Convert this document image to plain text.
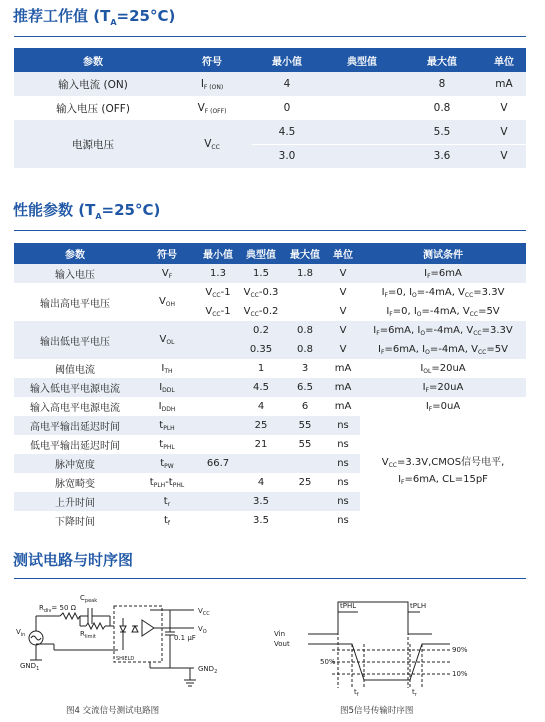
推荐工作值 $(T_A=25^\circ C)$
参数	符号	最小值	典型值	最大值	单位
输入电流 (ON)	$I_{F (ON)}$	4		8	mA
输入电压 (OFF)	$V_{F (OFF)}$	0		0.8	V
电源电压	$V_{CC}$	4.5		5.5	V
		3.0		3.6	V
性能参数 $(T_A=25^\circ C)$
参数	符号	最小值	典型值	最大值	单位	测试条件
输入电压	$V_F$	1.3	1.5	1.8	V	$I_F=6mA$
输出高电平电压	$V_{OH}$	$V_{CC}-1$	$V_{CC}-0.3$		V	$I_F=0$, $I_O=-4mA$, $V_{CC}=3.3V$
		$V_{CC}-1$	$V_{CC}-0.2$		V	$I_F=0$, $I_O=-4mA$, $V_{CC}=5V$
输出低电平电压	$V_{OL}$		0.2	0.8	V	$I_F=6mA$, $I_O=-4mA$, $V_{CC}=3.3V$
			0.35	0.8	V	$I_F=6mA$, $I_O=-4mA$, $V_{CC}=5V$
阈值电流	$I_{TH}$		1	3	mA	$I_{OL}=20uA$
输入低电平电源电流	$I_{DDL}$		4.5	6.5	mA	$I_F=20uA$
输入高电平电源电流	$I_{DDH}$		4	6	mA	$I_F=0uA$
高电平输出延迟时间	$t_{PLH}$		25	55	ns	$V_{CC}=3.3V,CMOS$信号电平,
$I_F=6mA$, CL=15pF
低电平输出延迟时间	$t_{PHL}$		21	55	ns	
脉冲宽度	$t_{PW}$	66.7			ns	
脉宽畸变	$t_{PLH}-t_{PHL}$		4	25	ns	
上升时间	$t_r$		3.5		ns	
下降时间	$t_f$		3.5		ns	
测试电路与时序图
$R_{div}= 50$ Ω
$C_{peak}$
$R_{limit}$
$V_{in}$
$GND_1$
$V_{CC}$
$V_O$
0.1 μF
$GND_2$
SHIELD
图4 交流信号测试电路图
Vin
Vout
tPHL	tPLH
90%
50%
10%
$t_f$	$t_r$
图5信号传输时序图
